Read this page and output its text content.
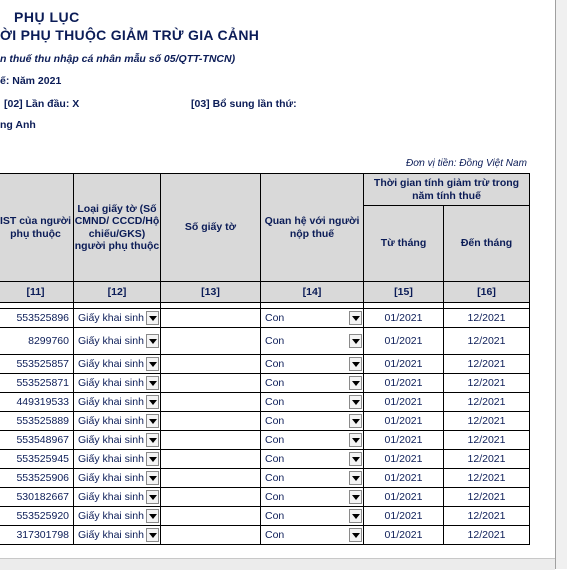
PHỤ LỤC
ỜI PHỤ THUỘC GIẢM TRỪ GIA CẢNH
n thuế thu nhập cá nhân mẫu số 05/QTT-TNCN)
ế: Năm 2021
[02] Lần đầu: X	[03] Bổ sung lần thứ:
ng Anh
Đơn vị tiền: Đồng Việt Nam
IST của người phụ thuộc	Loại giấy tờ (Số CMND/ CCCD/Hộ chiếu/GKS) người phụ thuộc	Số giấy tờ	Quan hệ với người nộp thuế	Thời gian tính giảm trừ trong năm tính thuế	
				Từ tháng	Đến tháng
[11]	[12]	[13]	[14]	[15]	[16]

553525896	Giấy khai sinh		Con	01/2021	12/2021
8299760	Giấy khai sinh		Con	01/2021	12/2021
553525857	Giấy khai sinh		Con	01/2021	12/2021
553525871	Giấy khai sinh		Con	01/2021	12/2021
449319533	Giấy khai sinh		Con	01/2021	12/2021
553525889	Giấy khai sinh		Con	01/2021	12/2021
553548967	Giấy khai sinh		Con	01/2021	12/2021
553525945	Giấy khai sinh		Con	01/2021	12/2021
553525906	Giấy khai sinh		Con	01/2021	12/2021
530182667	Giấy khai sinh		Con	01/2021	12/2021
553525920	Giấy khai sinh		Con	01/2021	12/2021
317301798	Giấy khai sinh		Con	01/2021	12/2021
